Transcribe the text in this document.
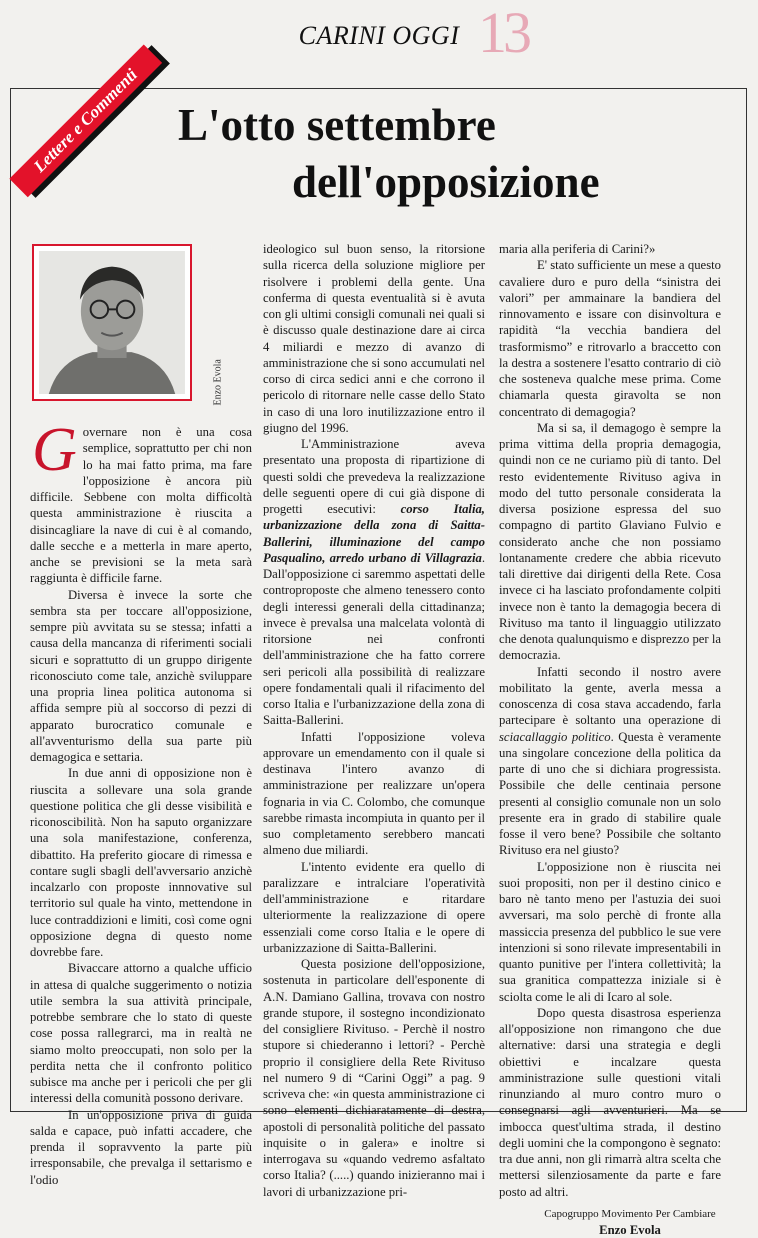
CARINI OGGI 13
Lettere e Commenti L'otto settembre
dell'opposizione
Enzo Evola

Governare non è una cosa semplice, soprattutto per chi non lo ha mai fatto prima, ma fare l'opposizione è ancora più difficile. Sebbene con molta difficoltà questa amministrazione è riuscita a disincagliare la nave di cui è al comando, dalle secche e a metterla in mare aperto, anche se previsioni se la meta sarà raggiunta è difficile farne.

Diversa è invece la sorte che sembra sta per toccare all'opposizione, sempre più avvitata su se stessa; infatti a causa della mancanza di riferimenti sociali sicuri e soprattutto di un gruppo dirigente riconosciuto come tale, anzichè sviluppare una propria linea politica autonoma si affida sempre più al soccorso di pezzi di apparato burocratico comunale e all'avventurismo della sua parte più demagogica e settaria.

In due anni di opposizione non è riuscita a sollevare una sola grande questione politica che gli desse visibilità e riconoscibilità. Non ha saputo organizzare una sola manifestazione, conferenza, dibattito. Ha preferito giocare di rimessa e contare sugli sbagli dell'avversario anzichè incalzarlo con proposte innnovative sul territorio sul quale ha vinto, mettendone in luce contraddizioni e limiti, così come ogni opposizione degna di questo nome dovrebbe fare.

Bivaccare attorno a qualche ufficio in attesa di qualche suggerimento o notizia utile sembra la sua attività principale, potrebbe sembrare che lo stato di queste cose possa rallegrarci, ma in realtà ne siamo molto preoccupati, non solo per la perdita netta che il confronto politico subisce ma anche per i pericoli che per gli interessi della comunità possono derivare.

In un'opposizione priva di guida salda e capace, può infatti accadere, che prenda il sopravvento la parte più irresponsabile, che prevalga il settarismo e l'odio

ideologico sul buon senso, la ritorsione sulla ricerca della soluzione migliore per risolvere i problemi della gente. Una conferma di questa eventualità si è avuta con gli ultimi consigli comunali nei quali si è discusso quale destinazione dare ai circa 4 miliardi e mezzo di avanzo di amministrazione che si sono accumulati nel corso di circa sedici anni e che corrono il pericolo di ritornare nelle casse dello Stato in caso di una loro inutilizzazione entro il giugno del 1996.

L'Amministrazione aveva presentato una proposta di ripartizione di questi soldi che prevedeva la realizzazione delle seguenti opere di cui già dispone di progetti esecutivi: corso Italia, urbanizzazione della zona di Saitta-Ballerini, illuminazione del campo Pasqualino, arredo urbano di Villagrazia. Dall'opposizione ci saremmo aspettati delle controproposte che almeno tenessero conto degli interessi generali della cittadinanza; invece è prevalsa una malcelata volontà di ritorsione nei confronti dell'amministrazione che ha fatto correre seri pericoli alla possibilità di realizzare opere fondamentali quali il rifacimento del corso Italia e l'urbanizzazione della zona di Saitta-Ballerini.

Infatti l'opposizione voleva approvare un emendamento con il quale si destinava l'intero avanzo di amministrazione per realizzare un'opera fognaria in via C. Colombo, che comunque sarebbe rimasta incompiuta in quanto per il suo completamento serebbero mancati almeno due miliardi.

L'intento evidente era quello di paralizzare e intralciare l'operatività dell'amministrazione e ritardare ulteriormente la realizzazione di opere essenziali come corso Italia e le opere di urbanizzazione di Saitta-Ballerini.

Questa posizione dell'opposizione, sostenuta in particolare dell'esponente di A.N. Damiano Gallina, trovava con nostro grande stupore, il sostegno incondizionato del consigliere Rivituso. - Perchè il nostro stupore si chiederanno i lettori? - Perchè proprio il consigliere della Rete Rivituso nel numero 9 di “Carini Oggi” a pag. 9 scriveva che: «in questa amministrazione ci sono elementi dichiaratamente di destra, apostoli di personalità politiche del passato inquisite o in galera» e inoltre si interrogava su «quando vedremo asfaltato corso Italia? (.....) quando inizieranno mai i lavori di urbanizzazione pri-

maria alla periferia di Carini?»

E' stato sufficiente un mese a questo cavaliere duro e puro della “sinistra dei valori” per ammainare la bandiera del rinnovamento e issare con disinvoltura e rapidità “la vecchia bandiera del trasformismo” e ritrovarlo a braccetto con la destra a sostenere l'esatto contrario di ciò che sosteneva qualche mese prima. Come chiamarla questa giravolta se non concentrato di demagogia?

Ma si sa, il demagogo è sempre la prima vittima della propria demagogia, quindi non ce ne curiamo più di tanto. Del resto evidentemente Rivituso agiva in modo del tutto personale considerata la diversa posizione espressa del suo compagno di partito Glaviano Fulvio e considerato anche che non possiamo lontanamente credere che abbia ricevuto tali direttive dai dirigenti della Rete. Cosa invece ci ha lasciato profondamente colpiti invece non è tanto la demagogia becera di Rivituso ma tanto il linguaggio utilizzato che denota qualunquismo e disprezzo per la democrazia.

Infatti secondo il nostro avere mobilitato la gente, averla messa a conoscenza di cosa stava accadendo, farla partecipare è soltanto una operazione di sciacallaggio politico. Questa è veramente una singolare concezione della politica da parte di uno che si dichiara progressista. Possibile che delle centinaia persone presenti al consiglio comunale non un solo presente era in grado di stabilire quale fosse il vero bene? Possibile che soltanto Rivituso era nel giusto?

L'opposizione non è riuscita nei suoi propositi, non per il destino cinico e baro nè tanto meno per l'astuzia dei suoi avversari, ma solo perchè di fronte alla massiccia presenza del pubblico le sue vere intenzioni si sono rilevate impresentabili in quanto punitive per l'intera collettività; la sua granitica compattezza iniziale si è sciolta come le ali di Icaro al sole.

Dopo questa disastrosa esperienza all'opposizione non rimangono che due alternative: darsi una strategia e degli obiettivi e incalzare questa amministrazione sulle questioni vitali rinunziando al muro contro muro o consegnarsi agli avventurieri. Ma se imbocca quest'ultima strada, il destino degli uomini che la compongono è segnato: tra due anni, non gli rimarrà altra scelta che mettersi silenziosamente da parte e fare posto ad altri.

Capogruppo Movimento Per Cambiare

Enzo Evola
